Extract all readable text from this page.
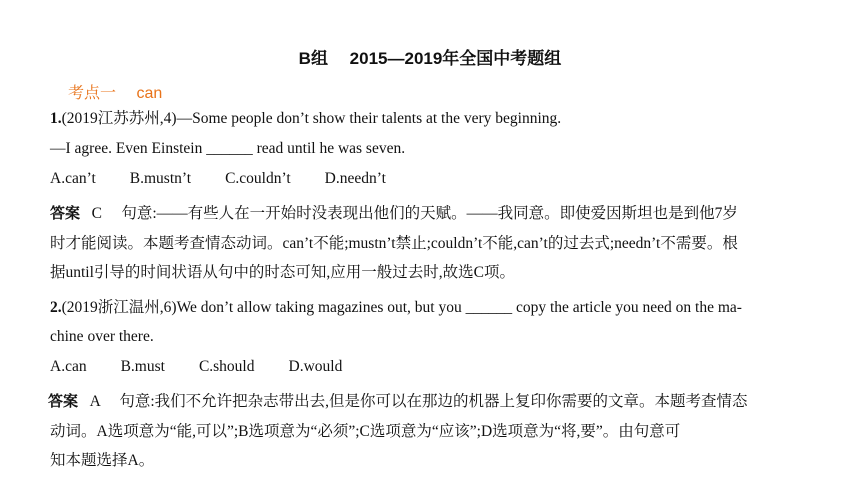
B组　 2015—2019年全国中考题组
考点一　 can
1.(2019江苏苏州,4)—Some people don’t show their talents at the very beginning.
—I agree. Even Einstein ______ read until he was seven.
A.can’t B.mustn’t C.couldn’t D.needn’t
答案 C　 句意:——有些人在一开始时没表现出他们的天赋。——我同意。即使爱因斯坦也是到他7岁
时才能阅读。本题考查情态动词。can’t不能;mustn’t禁止;couldn’t不能,can’t的过去式;needn’t不需要。根
据until引导的时间状语从句中的时态可知,应用一般过去时,故选C项。
2.(2019浙江温州,6)We don’t allow taking magazines out, but you ______ copy the article you need on the ma-
chine over there.
A.can B.must C.should D.would
答案 A　 句意:我们不允许把杂志带出去,但是你可以在那边的机器上复印你需要的文章。本题考查情态
动词。A选项意为“能,可以”;B选项意为“必须”;C选项意为“应该”;D选项意为“将,要”。由句意可
知本题选择A。
